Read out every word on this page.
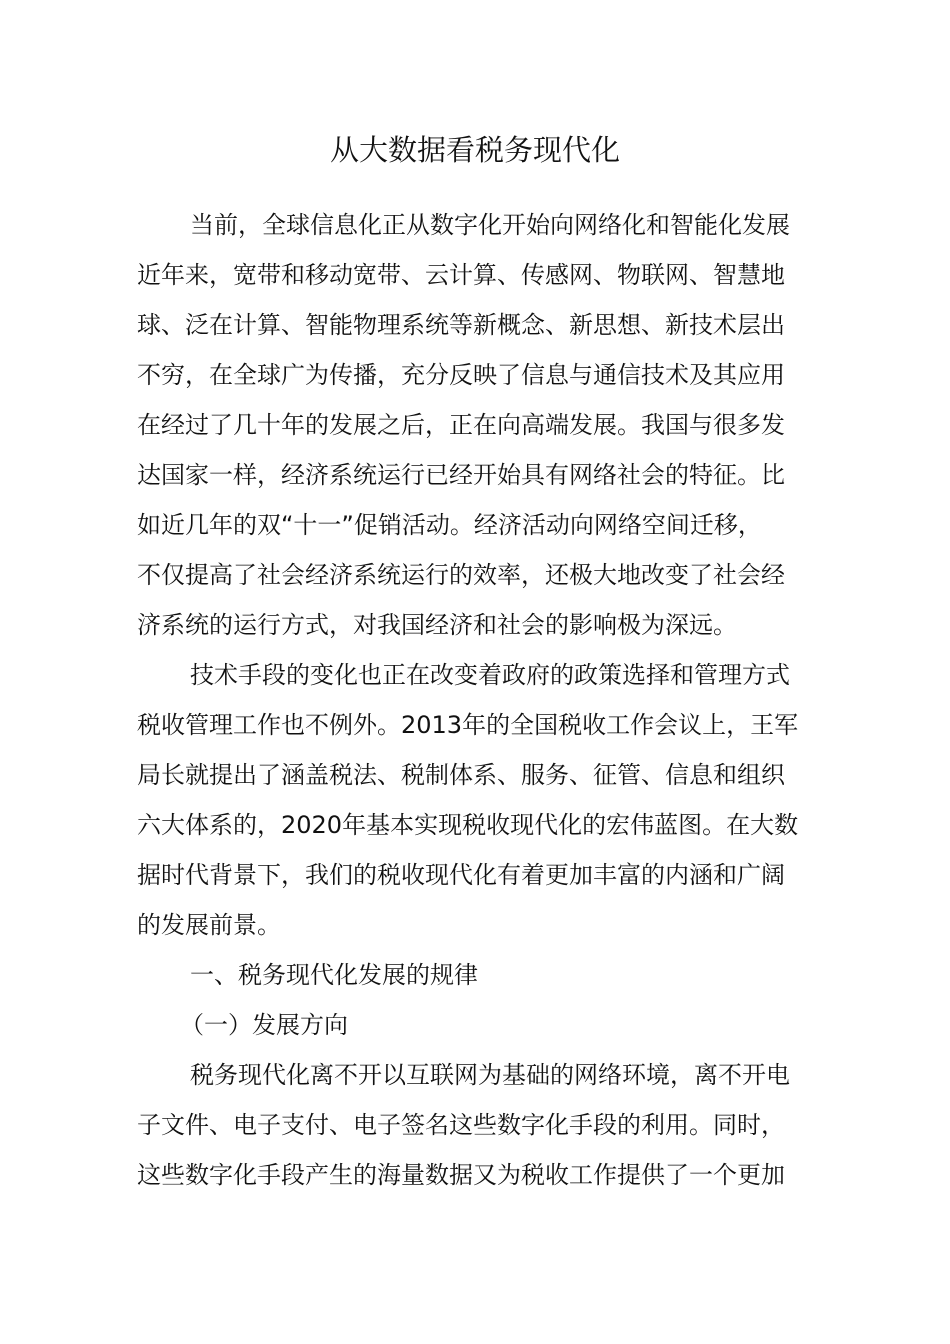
从大数据看税务现代化
当前，全球信息化正从数字化开始向网络化和智能化发展
近年来，宽带和移动宽带、云计算、传感网、物联网、智慧地
球、泛在计算、智能物理系统等新概念、新思想、新技术层出
不穷，在全球广为传播，充分反映了信息与通信技术及其应用
在经过了几十年的发展之后，正在向高端发展。我国与很多发
达国家一样，经济系统运行已经开始具有网络社会的特征。比
如近几年的双“十一”促销活动。经济活动向网络空间迁移，
不仅提高了社会经济系统运行的效率，还极大地改变了社会经
济系统的运行方式，对我国经济和社会的影响极为深远。
技术手段的变化也正在改变着政府的政策选择和管理方式
税收管理工作也不例外。2013年的全国税收工作会议上，王军
局长就提出了涵盖税法、税制体系、服务、征管、信息和组织
六大体系的，2020年基本实现税收现代化的宏伟蓝图。在大数
据时代背景下，我们的税收现代化有着更加丰富的内涵和广阔
的发展前景。
一、税务现代化发展的规律
（一）发展方向
税务现代化离不开以互联网为基础的网络环境，离不开电
子文件、电子支付、电子签名这些数字化手段的利用。同时，
这些数字化手段产生的海量数据又为税收工作提供了一个更加
